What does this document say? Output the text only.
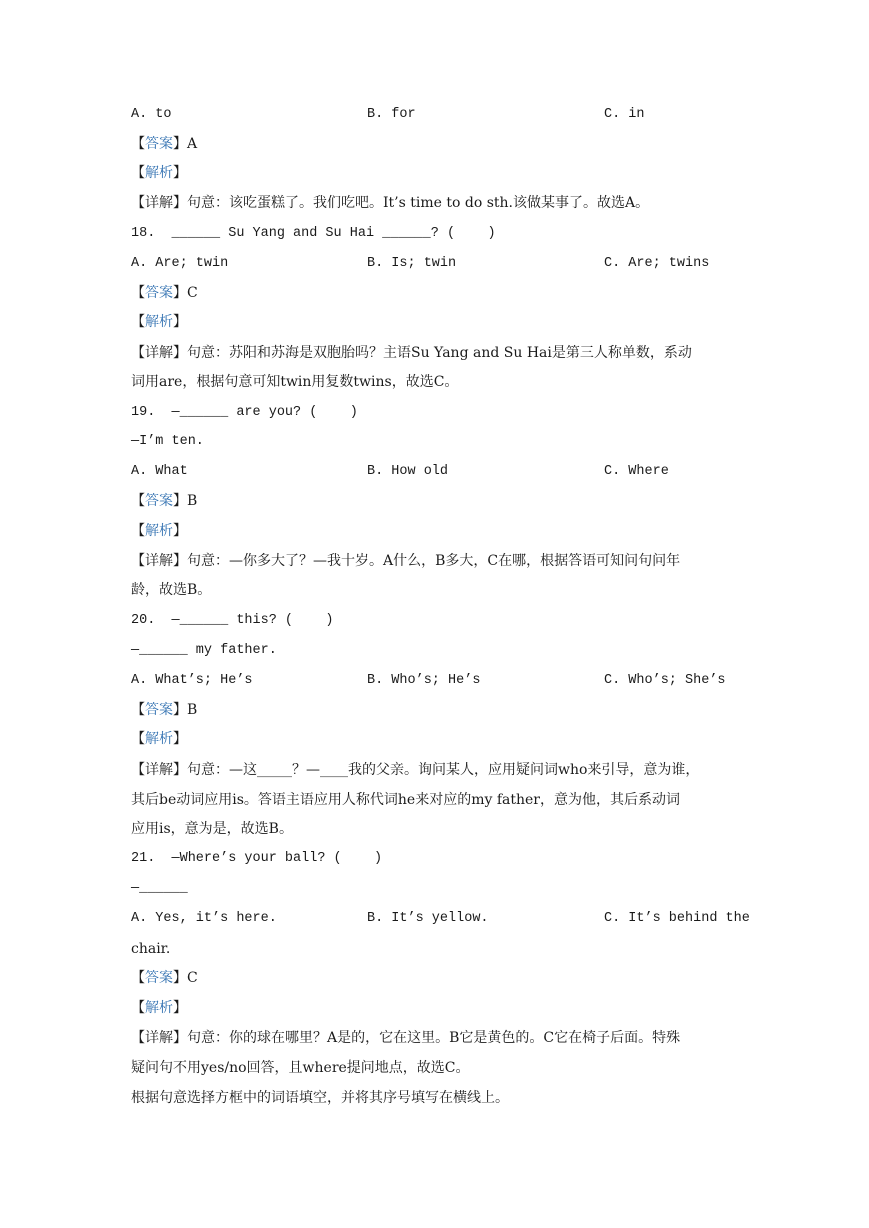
A. to	B. for	C. in
【答案】A
【解析】
【详解】句意：该吃蛋糕了。我们吃吧。It’s time to do sth.该做某事了。故选A。
18.  ______ Su Yang and Su Hai ______? (    )
A. Are; twin	B. Is; twin	C. Are; twins
【答案】C
【解析】
【详解】句意：苏阳和苏海是双胞胎吗？主语Su Yang and Su Hai是第三人称单数，系动
词用are，根据句意可知twin用复数twins，故选C。
19.  —______ are you? (    )
—I’m ten.
A. What	B. How old	C. Where
【答案】B
【解析】
【详解】句意：—你多大了？—我十岁。A什么，B多大，C在哪，根据答语可知问句问年
龄，故选B。
20.  —______ this? (    )
—______ my father.
A. What’s; He’s	B. Who’s; He’s	C. Who’s; She’s
【答案】B
【解析】
【详解】句意：—这_____？—____我的父亲。询问某人，应用疑问词who来引导，意为谁，
其后be动词应用is。答语主语应用人称代词he来对应的my father，意为他，其后系动词
应用is，意为是，故选B。
21.  —Where’s your ball? (    )
—______
A. Yes, it’s here.	B. It’s yellow.	C. It’s behind the
chair.
【答案】C
【解析】
【详解】句意：你的球在哪里？A是的，它在这里。B它是黄色的。C它在椅子后面。特殊
疑问句不用yes/no回答，且where提问地点，故选C。
根据句意选择方框中的词语填空，并将其序号填写在横线上。
